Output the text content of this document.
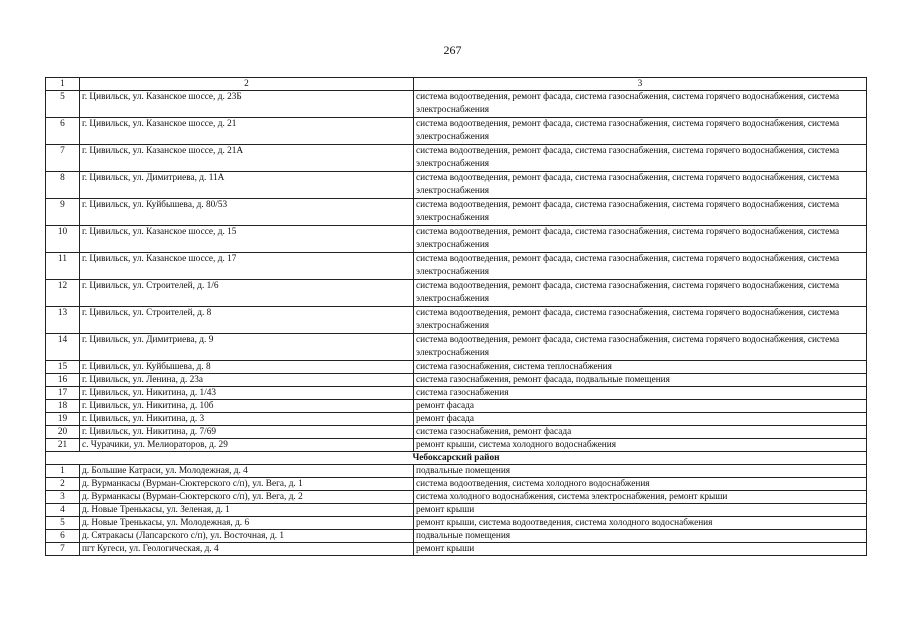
267
1	2	3
5	г. Цивильск, ул. Казанское шоссе, д. 23Б	система водоотведения, ремонт фасада, система газоснабжения, система горячего водоснабжения, система электроснабжения
6	г. Цивильск, ул. Казанское шоссе, д. 21	система водоотведения, ремонт фасада, система газоснабжения, система горячего водоснабжения, система электроснабжения
7	г. Цивильск, ул. Казанское шоссе, д. 21А	система водоотведения, ремонт фасада, система газоснабжения, система горячего водоснабжения, система электроснабжения
8	г. Цивильск, ул. Димитриева, д. 11А	система водоотведения, ремонт фасада, система газоснабжения, система горячего водоснабжения, система электроснабжения
9	г. Цивильск, ул. Куйбышева, д. 80/53	система водоотведения, ремонт фасада, система газоснабжения, система горячего водоснабжения, система электроснабжения
10	г. Цивильск, ул. Казанское шоссе, д. 15	система водоотведения, ремонт фасада, система газоснабжения, система горячего водоснабжения, система электроснабжения
11	г. Цивильск, ул. Казанское шоссе, д. 17	система водоотведения, ремонт фасада, система газоснабжения, система горячего водоснабжения, система электроснабжения
12	г. Цивильск, ул. Строителей, д. 1/6	система водоотведения, ремонт фасада, система газоснабжения, система горячего водоснабжения, система электроснабжения
13	г. Цивильск, ул. Строителей, д. 8	система водоотведения, ремонт фасада, система газоснабжения, система горячего водоснабжения, система электроснабжения
14	г. Цивильск, ул. Димитриева, д. 9	система водоотведения, ремонт фасада, система газоснабжения, система горячего водоснабжения, система электроснабжения
15	г. Цивильск, ул. Куйбышева, д. 8	система газоснабжения, система теплоснабжения
16	г. Цивильск, ул. Ленина, д. 23а	система газоснабжения, ремонт фасада, подвальные помещения
17	г. Цивильск, ул. Никитина, д. 1/43	система газоснабжения
18	г. Цивильск, ул. Никитина, д. 10б	ремонт фасада
19	г. Цивильск, ул. Никитина, д. 3	ремонт фасада
20	г. Цивильск, ул. Никитина, д. 7/69	система газоснабжения, ремонт фасада
21	с. Чурачики, ул. Мелиораторов, д. 29	ремонт крыши, система холодного водоснабжения
Чебоксарский район		
1	д. Большие Катраси, ул. Молодежная, д. 4	подвальные помещения
2	д. Вурманкасы (Вурман-Сюктерского с/п), ул. Вега, д. 1	система водоотведения, система холодного водоснабжения
3	д. Вурманкасы (Вурман-Сюктерского с/п), ул. Вега, д. 2	система холодного водоснабжения, система электроснабжения, ремонт крыши
4	д. Новые Тренькасы, ул. Зеленая, д. 1	ремонт крыши
5	д. Новые Тренькасы, ул. Молодежная, д. 6	ремонт крыши, система водоотведения, система холодного водоснабжения
6	д. Сятракасы (Лапсарского с/п), ул. Восточная, д. 1	подвальные помещения
7	пгт Кугеси, ул. Геологическая, д. 4	ремонт крыши
